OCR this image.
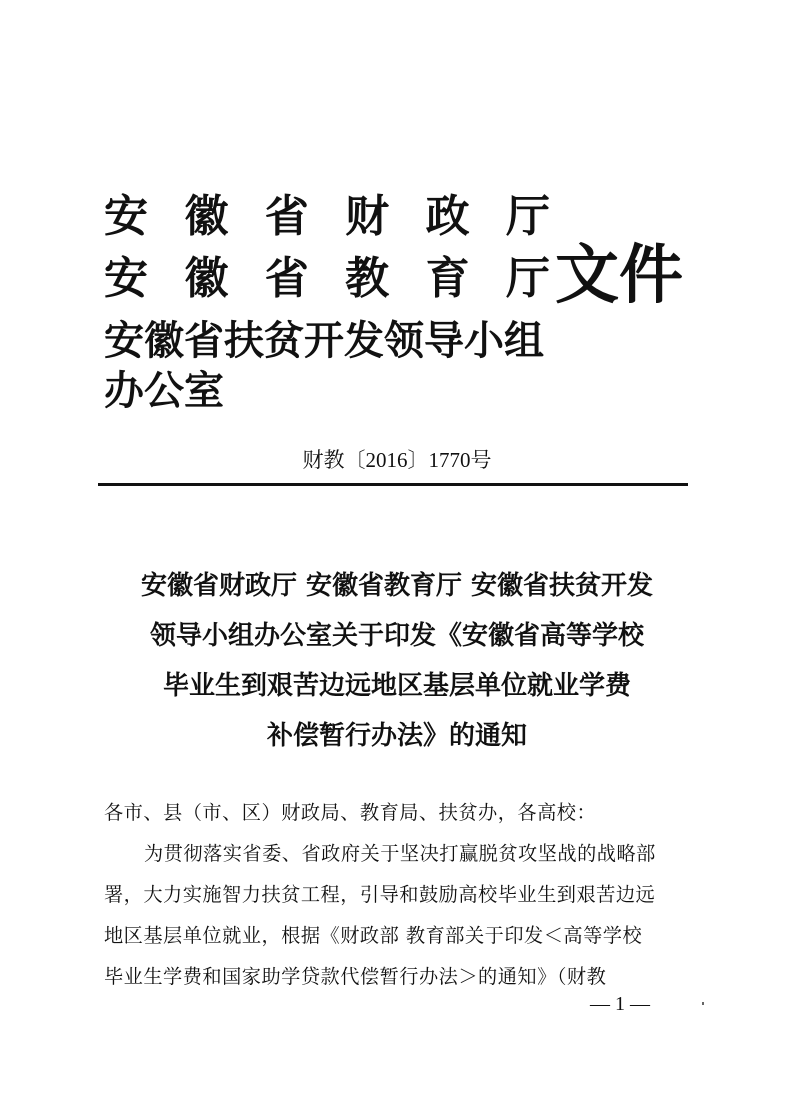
安 徽 省 财 政 厅
安 徽 省 教 育 厅
安徽省扶贫开发领导小组办公室
文件
财教〔2016〕1770号
安徽省财政厅 安徽省教育厅 安徽省扶贫开发
领导小组办公室关于印发《安徽省高等学校
毕业生到艰苦边远地区基层单位就业学费
补偿暂行办法》的通知
各市、县（市、区）财政局、教育局、扶贫办，各高校：
为贯彻落实省委、省政府关于坚决打赢脱贫攻坚战的战略部
署，大力实施智力扶贫工程，引导和鼓励高校毕业生到艰苦边远
地区基层单位就业，根据《财政部 教育部关于印发＜高等学校
毕业生学费和国家助学贷款代偿暂行办法＞的通知》（财教
— 1 —
